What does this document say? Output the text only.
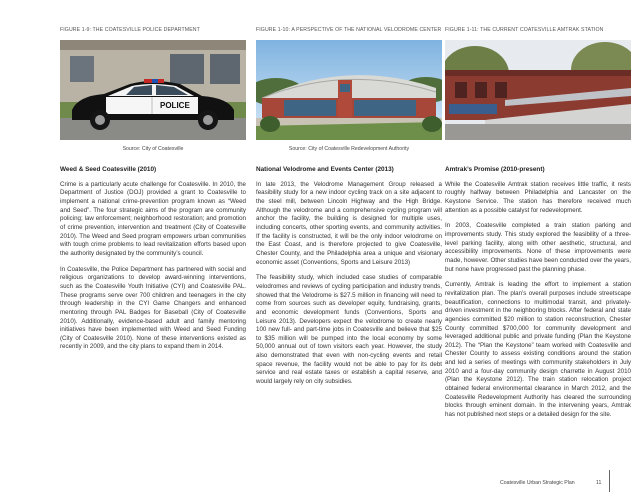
FIGURE 1-9: THE COATESVILLE POLICE DEPARTMENT
POLICE
Source: City of Coatesville
Weed & Seed Coatesville (2010)

Crime is a particularly acute challenge for Coatesville. In 2010, the Department of Justice (DOJ) provided a grant to Coatesville to implement a national crime-prevention program known as “Weed and Seed”. The four strategic aims of the program are community policing; law enforcement; neighborhood restoration; and promotion of crime prevention, intervention and treatment (City of Coatesville 2010). The Weed and Seed program empowers urban communities with tough crime problems to lead revitalization efforts based upon the authority designated by the community’s council.

In Coatesville, the Police Department has partnered with social and religious organizations to develop award-winning interventions, such as the Coatesville Youth Initiative (CYI) and Coatesville PAL. These programs serve over 700 children and teenagers in the city through leadership in the CYI Game Changers and enhanced mentoring through PAL Badges for Baseball (City of Coatesville 2010). Additionally, evidence-based adult and family mentoring initiatives have been implemented with Weed and Seed Funding (City of Coatesville 2010). None of these interventions existed as recently in 2009, and the city plans to expand them in 2014.

FIGURE 1-10: A PERSPECTIVE OF THE NATIONAL VELODROME CENTER
Source: City of Coatesville Redevelopment Authority
National Velodrome and Events Center (2013)

In late 2013, the Velodrome Management Group released a feasibility study for a new indoor cycling track on a site adjacent to the steel mill, between Lincoln Highway and the High Bridge. Although the velodrome and a comprehensive cycling program will anchor the facility, the building is designed for multiple uses, including concerts, other sporting events, and community activities. If the facility is constructed, it will be the only indoor velodrome on the East Coast, and is therefore projected to give Coatesville, Chester County, and the Philadelphia area a unique and visionary economic asset (Conventions, Sports and Leisure 2013)

The feasibility study, which included case studies of comparable velodromes and reviews of cycling participation and industry trends, showed that the Velodrome is $27.5 million in financing will need to come from sources such as developer equity, fundraising, grants, and economic development funds (Conventions, Sports and Leisure 2013). Developers expect the velodrome to create nearly 100 new full- and part-time jobs in Coatesville and believe that $25 to $35 million will be pumped into the local economy by some 50,000 annual out of town visitors each year. However, the study also demonstrated that even with non-cycling events and retail space revenue, the facility would not be able to pay for its debt service and real estate taxes or establish a capital reserve, and would largely rely on city subsidies.

FIGURE 1-11: THE CURRENT COATESVILLE AMTRAK STATION
Amtrak’s Promise (2010-present)

While the Coatesville Amtrak station receives little traffic, it rests roughly halfway between Philadelphia and Lancaster on the Keystone Service. The station has therefore received much attention as a possible catalyst for redevelopment.

In 2003, Coatesville completed a train station parking and improvements study. This study explored the feasibility of a three-level parking facility, along with other aesthetic, structural, and accessibility improvements. None of these improvements were made, however. Other studies have been conducted over the years, but none have progressed past the planning phase.

Currently, Amtrak is leading the effort to implement a station revitalization plan. The plan’s overall purposes include streetscape beautification, connections to multimodal transit, and privately-driven investment in the neighboring blocks. After federal and state agencies committed $20 million to station reconstruction, Chester County committed $700,000 for community development and leveraged additional public and private funding (Plan the Keystone 2012). The “Plan the Keystone” team worked with Coatesville and Chester County to assess existing conditions around the station and led a series of meetings with community stakeholders in July 2010 and a four-day community design charrette in August 2010 (Plan the Keystone 2012). The train station relocation project obtained federal environmental clearance in March 2012, and the Coatesville Redevelopment Authority has cleared the surrounding blocks through eminent domain. In the intervening years, Amtrak has not published next steps or a detailed design for the site.

Coatesville Urban Strategic Plan	11
